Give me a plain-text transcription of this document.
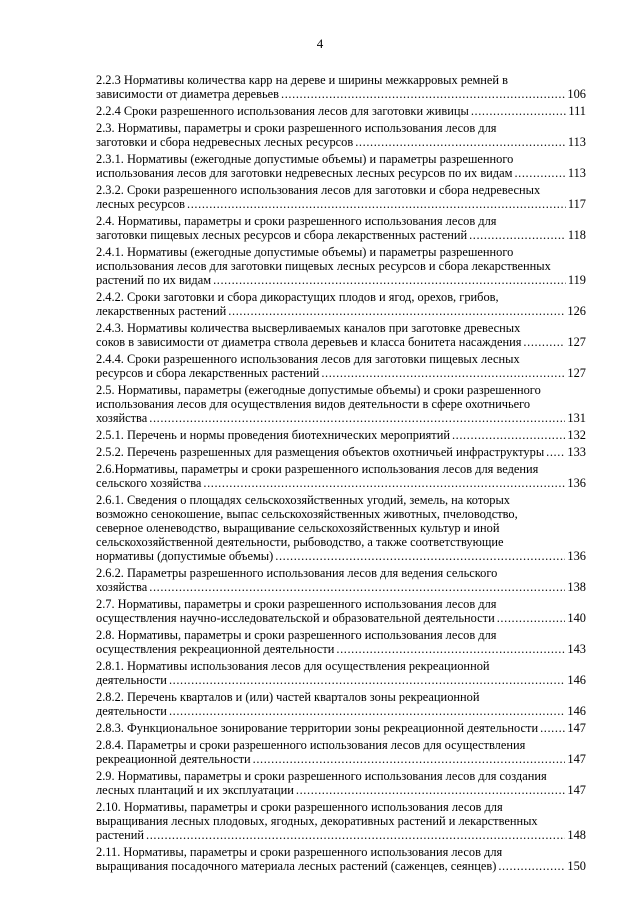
4
2.2.3 Нормативы количества карр на дереве и ширины межкарровых ремней в
зависимости от диаметра деревьев .....	106
2.2.4 Сроки разрешенного использования лесов для заготовки живицы .....	111
2.3. Нормативы, параметры и сроки разрешенного использования лесов для
заготовки и сбора недревесных лесных ресурсов .....	113
2.3.1. Нормативы (ежегодные допустимые объемы) и параметры разрешенного
использования лесов для заготовки недревесных лесных ресурсов по их видам .....	113
2.3.2. Сроки разрешенного использования лесов для заготовки и сбора недревесных
лесных ресурсов .....	117
2.4. Нормативы, параметры и сроки разрешенного использования лесов для
заготовки пищевых лесных ресурсов и сбора лекарственных растений .....	118
2.4.1. Нормативы (ежегодные допустимые объемы) и параметры разрешенного
использования лесов для заготовки пищевых лесных ресурсов и сбора лекарственных
растений по их видам .....	119
2.4.2. Сроки заготовки и сбора дикорастущих плодов и ягод, орехов, грибов,
лекарственных растений .....	126
2.4.3. Нормативы количества высверливаемых каналов при заготовке древесных
соков в зависимости от диаметра ствола деревьев и класса бонитета насаждения .....	127
2.4.4. Сроки разрешенного использования лесов для заготовки пищевых лесных
ресурсов и сбора лекарственных растений .....	127
2.5. Нормативы, параметры (ежегодные допустимые объемы) и сроки разрешенного
использования лесов для осуществления видов деятельности в сфере охотничьего
хозяйства .....	131
2.5.1. Перечень и нормы проведения биотехнических мероприятий .....	132
2.5.2. Перечень разрешенных для размещения объектов охотничьей инфраструктуры ..... 133
2.6.Нормативы, параметры и сроки разрешенного использования лесов для ведения
сельского хозяйства .....	136
2.6.1. Сведения о площадях сельскохозяйственных угодий, земель, на которых
возможно сенокошение, выпас сельскохозяйственных животных, пчеловодство,
северное оленеводство, выращивание сельскохозяйственных культур и иной
сельскохозяйственной деятельности, рыбоводство, а также соответствующие
нормативы (допустимые объемы) .....	136
2.6.2. Параметры разрешенного использования лесов для ведения сельского
хозяйства .....	138
2.7. Нормативы, параметры и сроки разрешенного использования лесов для
осуществления научно-исследовательской и образовательной деятельности .....	140
2.8. Нормативы, параметры и сроки разрешенного использования лесов для
осуществления рекреационной деятельности .....	143
2.8.1. Нормативы использования лесов для осуществления рекреационной
деятельности .....	146
2.8.2. Перечень кварталов и (или) частей кварталов зоны рекреационной
деятельности .....	146
2.8.3. Функциональное зонирование территории зоны рекреационной деятельности ..... 147
2.8.4. Параметры и сроки разрешенного использования лесов для осуществления
рекреационной деятельности .....	147
2.9. Нормативы, параметры и сроки разрешенного использования лесов для создания
лесных плантаций и их эксплуатации .....	147
2.10. Нормативы, параметры и сроки разрешенного использования лесов для
выращивания лесных плодовых, ягодных, декоративных растений и лекарственных
растений .....	148
2.11. Нормативы, параметры и сроки разрешенного использования лесов для
выращивания посадочного материала лесных растений (саженцев, сеянцев) .....	150
